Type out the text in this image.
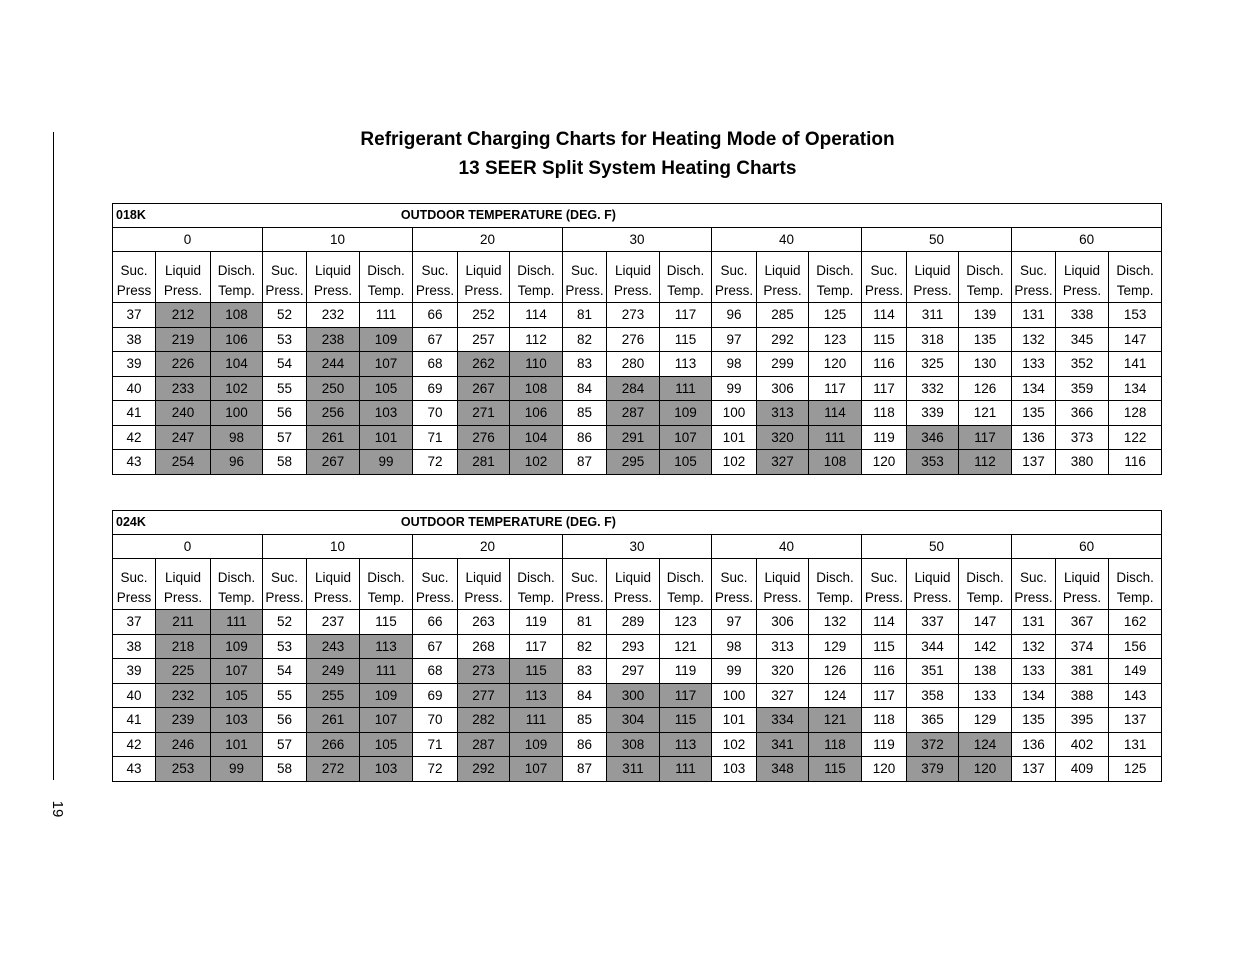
19
Refrigerant Charging Charts for Heating Mode of Operation
13 SEER Split System Heating Charts
018K	OUTDOOR TEMPERATURE (DEG. F)																			
0			10			20			30			40			50			60		
Suc.	Liquid	Disch.	Suc.	Liquid	Disch.	Suc.	Liquid	Disch.	Suc.	Liquid	Disch.	Suc.	Liquid	Disch.	Suc.	Liquid	Disch.	Suc.	Liquid	Disch.
Press	Press.	Temp.	Press.	Press.	Temp.	Press.	Press.	Temp.	Press.	Press.	Temp.	Press.	Press.	Temp.	Press.	Press.	Temp.	Press.	Press.	Temp.
37	212	108	52	232	111	66	252	114	81	273	117	96	285	125	114	311	139	131	338	153
38	219	106	53	238	109	67	257	112	82	276	115	97	292	123	115	318	135	132	345	147
39	226	104	54	244	107	68	262	110	83	280	113	98	299	120	116	325	130	133	352	141
40	233	102	55	250	105	69	267	108	84	284	111	99	306	117	117	332	126	134	359	134
41	240	100	56	256	103	70	271	106	85	287	109	100	313	114	118	339	121	135	366	128
42	247	98	57	261	101	71	276	104	86	291	107	101	320	111	119	346	117	136	373	122
43	254	96	58	267	99	72	281	102	87	295	105	102	327	108	120	353	112	137	380	116
024K	OUTDOOR TEMPERATURE (DEG. F)																			
0			10			20			30			40			50			60		
Suc.	Liquid	Disch.	Suc.	Liquid	Disch.	Suc.	Liquid	Disch.	Suc.	Liquid	Disch.	Suc.	Liquid	Disch.	Suc.	Liquid	Disch.	Suc.	Liquid	Disch.
Press	Press.	Temp.	Press.	Press.	Temp.	Press.	Press.	Temp.	Press.	Press.	Temp.	Press.	Press.	Temp.	Press.	Press.	Temp.	Press.	Press.	Temp.
37	211	111	52	237	115	66	263	119	81	289	123	97	306	132	114	337	147	131	367	162
38	218	109	53	243	113	67	268	117	82	293	121	98	313	129	115	344	142	132	374	156
39	225	107	54	249	111	68	273	115	83	297	119	99	320	126	116	351	138	133	381	149
40	232	105	55	255	109	69	277	113	84	300	117	100	327	124	117	358	133	134	388	143
41	239	103	56	261	107	70	282	111	85	304	115	101	334	121	118	365	129	135	395	137
42	246	101	57	266	105	71	287	109	86	308	113	102	341	118	119	372	124	136	402	131
43	253	99	58	272	103	72	292	107	87	311	111	103	348	115	120	379	120	137	409	125
